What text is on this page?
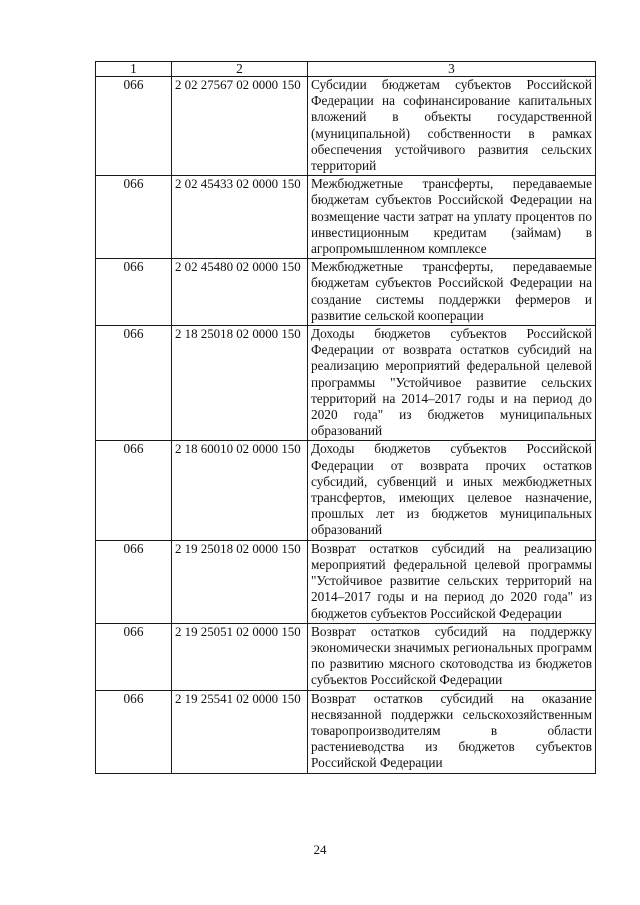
1	2	3
066	2 02 27567 02 0000 150	Субсидии бюджетам субъектов Российской Федерации на софинансирование капитальных вложений в объекты государственной (муниципальной) собственности в рамках обеспечения устойчивого развития сельских территорий
066	2 02 45433 02 0000 150	Межбюджетные трансферты, передаваемые бюджетам субъектов Российской Федерации на возмещение части затрат на уплату процентов по инвестиционным кредитам (займам) в агропромышленном комплексе
066	2 02 45480 02 0000 150	Межбюджетные трансферты, передаваемые бюджетам субъектов Российской Федерации на создание системы поддержки фермеров и развитие сельской кооперации
066	2 18 25018 02 0000 150	Доходы бюджетов субъектов Российской Федерации от возврата остатков субсидий на реализацию мероприятий федеральной целевой программы "Устойчивое развитие сельских территорий на 2014–2017 годы и на период до 2020 года" из бюджетов муниципальных образований
066	2 18 60010 02 0000 150	Доходы бюджетов субъектов Российской Федерации от возврата прочих остатков субсидий, субвенций и иных межбюджетных трансфертов, имеющих целевое назначение, прошлых лет из бюджетов муниципальных образований
066	2 19 25018 02 0000 150	Возврат остатков субсидий на реализацию мероприятий федеральной целевой программы "Устойчивое развитие сельских территорий на 2014–2017 годы и на период до 2020 года" из бюджетов субъектов Российской Федерации
066	2 19 25051 02 0000 150	Возврат остатков субсидий на поддержку экономически значимых региональных программ по развитию мясного скотоводства из бюджетов субъектов Российской Федерации
066	2 19 25541 02 0000 150	Возврат остатков субсидий на оказание несвязанной поддержки сельскохозяйственным товаропроизводителям в области растениеводства из бюджетов субъектов Российской Федерации
24
